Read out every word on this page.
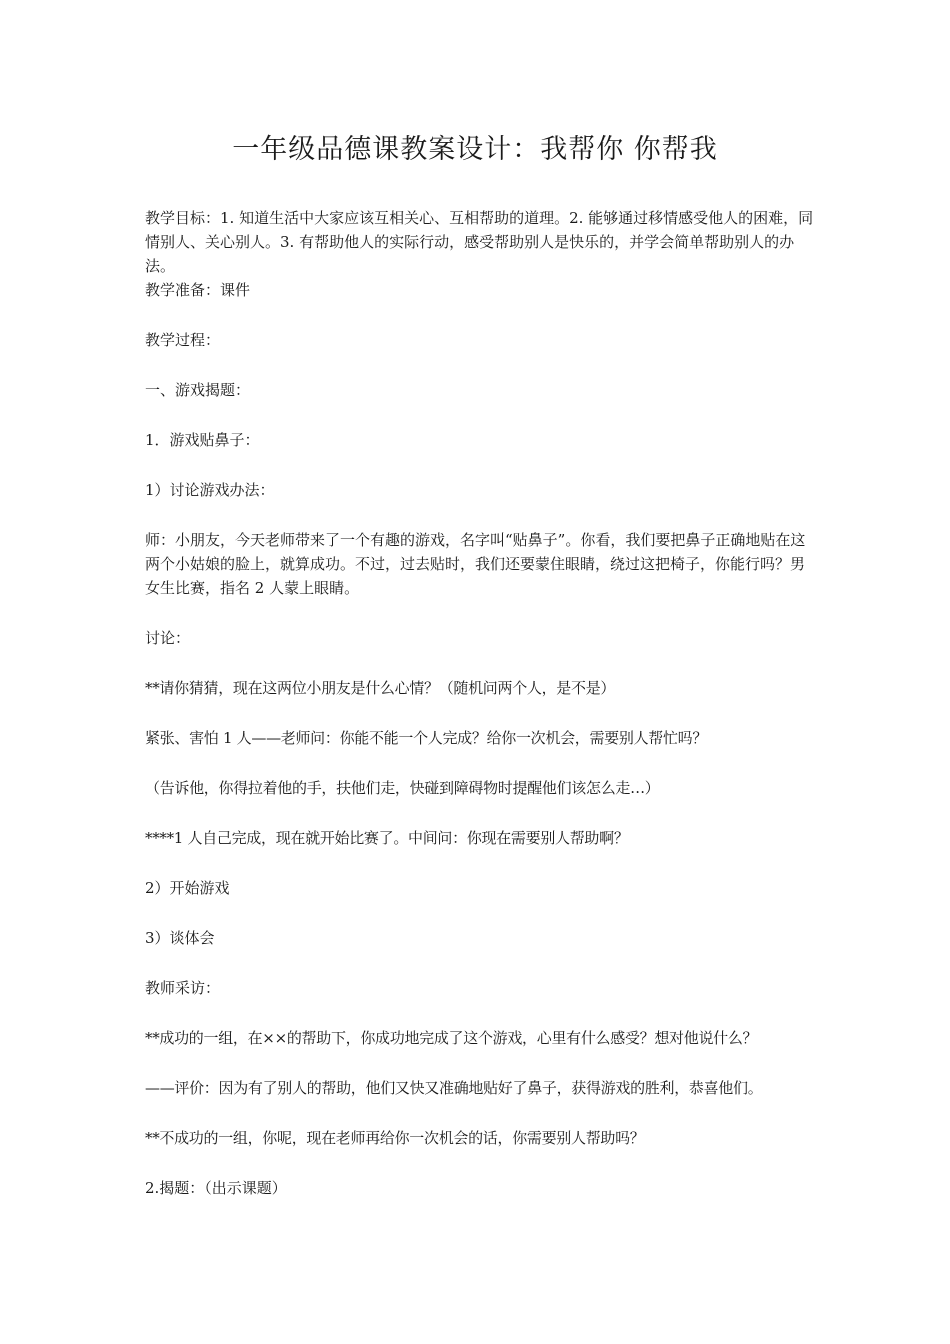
一年级品德课教案设计：我帮你 你帮我

教学目标：1. 知道生活中大家应该互相关心、互相帮助的道理。2. 能够通过移情感受他人的困难，同情别人、关心别人。3. 有帮助他人的实际行动，感受帮助别人是快乐的，并学会简单帮助别人的办法。

教学准备：课件

教学过程：

一、游戏揭题：

1．游戏贴鼻子：

1）讨论游戏办法：

师：小朋友，今天老师带来了一个有趣的游戏，名字叫“贴鼻子”。你看，我们要把鼻子正确地贴在这两个小姑娘的脸上，就算成功。不过，过去贴时，我们还要蒙住眼睛，绕过这把椅子，你能行吗？男女生比赛，指名 2 人蒙上眼睛。

讨论：

**请你猜猜，现在这两位小朋友是什么心情？（随机问两个人，是不是）

紧张、害怕 1 人——老师问：你能不能一个人完成？给你一次机会，需要别人帮忙吗？

（告诉他，你得拉着他的手，扶他们走，快碰到障碍物时提醒他们该怎么走…）

****1 人自己完成，现在就开始比赛了。中间问：你现在需要别人帮助啊？

2）开始游戏

3）谈体会

教师采访：

**成功的一组，在××的帮助下，你成功地完成了这个游戏，心里有什么感受？想对他说什么？

——评价：因为有了别人的帮助，他们又快又准确地贴好了鼻子，获得游戏的胜利，恭喜他们。

**不成功的一组，你呢，现在老师再给你一次机会的话，你需要别人帮助吗？

2.揭题：（出示课题）
